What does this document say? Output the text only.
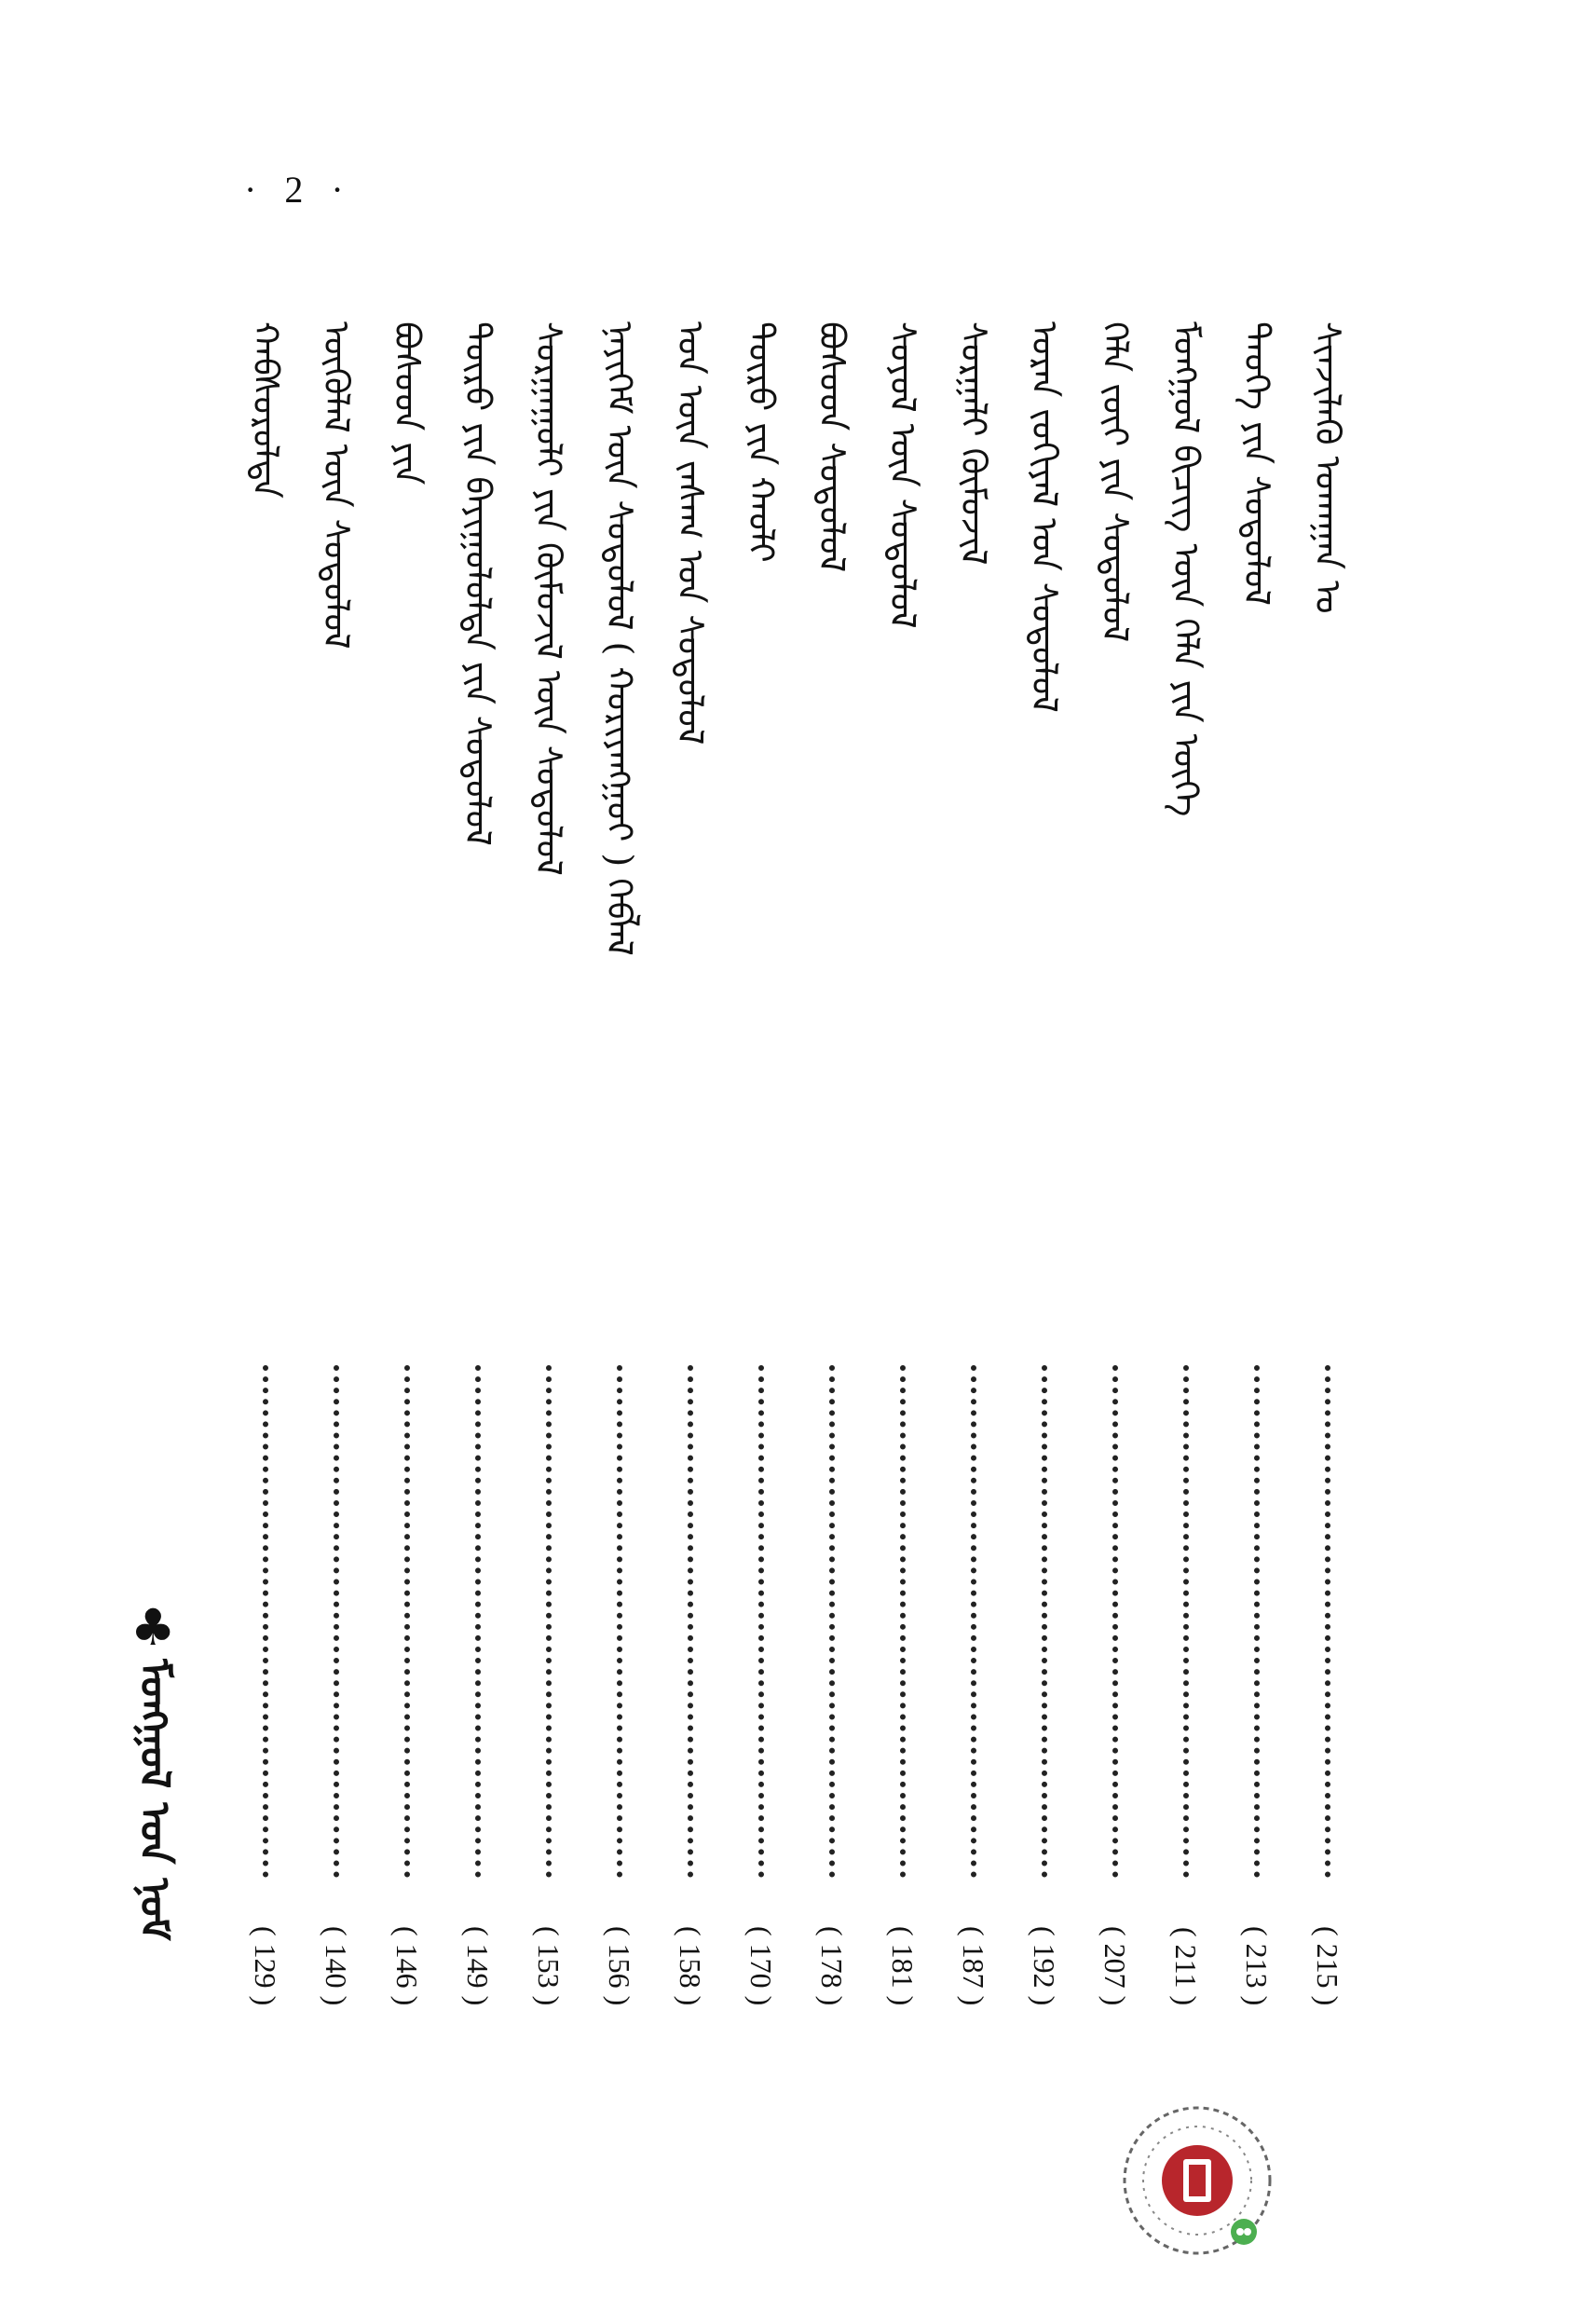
· 2 ·
ᠰᠢᠨᠵᠢᠯᠡᠬᠦ ᠤᠬᠠᠭᠠᠨ ᠤ
( 215 )
ᠲᠡᠦᠬᠡ ᠶᠢᠨ ᠰᠤᠳᠤᠯᠤᠯ
( 213 )
ᠮᠣᠩᠭᠣᠯ ᠪᠢᠴᠢᠭ ᠦᠨ ᠬᠡᠯᠡ ᠶᠢᠨ ᠦᠭᠡ
( 211 )
ᠬᠡᠯᠡ ᠵᠦᠢ ᠶᠢᠨ ᠰᠤᠳᠤᠯᠤᠯ
( 207 )
ᠤᠷᠠᠨ ᠵᠣᠬᠢᠶᠠᠯ ᠤᠨ ᠰᠤᠳᠤᠯᠤᠯ
( 192 )
ᠰᠤᠷᠭᠠᠯᠢ ᠬᠦᠮᠦᠵᠢᠯ
( 187 )
ᠰᠤᠶᠤᠯ ᠦᠨ ᠰᠤᠳᠤᠯᠤᠯ
( 181 )
ᠪᠤᠰᠤᠳ ᠰᠤᠳᠤᠯᠤᠯ
( 178 )
ᠲᠥᠷᠥ ᠶᠢᠨ ᠬᠠᠤᠯᠢ
( 170 )
ᠡᠳ ᠦᠨ ᠵᠠᠰᠠᠭ ᠤᠨ ᠰᠤᠳᠤᠯᠤᠯ
( 158 )
ᠨᠡᠶᠢᠭᠡᠮ ᠦᠨ ᠰᠤᠳᠤᠯᠤᠯ ( ᠬᠤᠷᠢᠶᠠᠩᠭᠤᠢ ) ᠬᠡᠪᠯᠡᠯ
( 156 )
ᠰᠤᠷᠭᠠᠭᠤᠯᠢ ᠶᠢᠨ ᠬᠥᠮᠦᠵᠢᠯ ᠦᠨ ᠰᠤᠳᠤᠯᠤᠯ
( 153 )
ᠲᠥᠷᠦ ᠶᠢᠨ ᠪᠠᠶᠢᠭᠤᠯᠤᠯᠲᠠ ᠶᠢᠨ ᠰᠤᠳᠤᠯᠤᠯ
( 149 )
ᠪᠤᠰᠤᠳ ᠶᠢᠨ
( 146 )
ᠦᠭᠦᠯᠡᠯ ᠦᠨ ᠰᠤᠳᠤᠯᠤᠯ
( 140 )
ᠬᠠᠪᠰᠤᠷᠤᠯᠲᠠ
( 129 )
♣
ᠮᠣᠩᠭᠣᠯ ᠤᠨ ᠨᠣᠮ
